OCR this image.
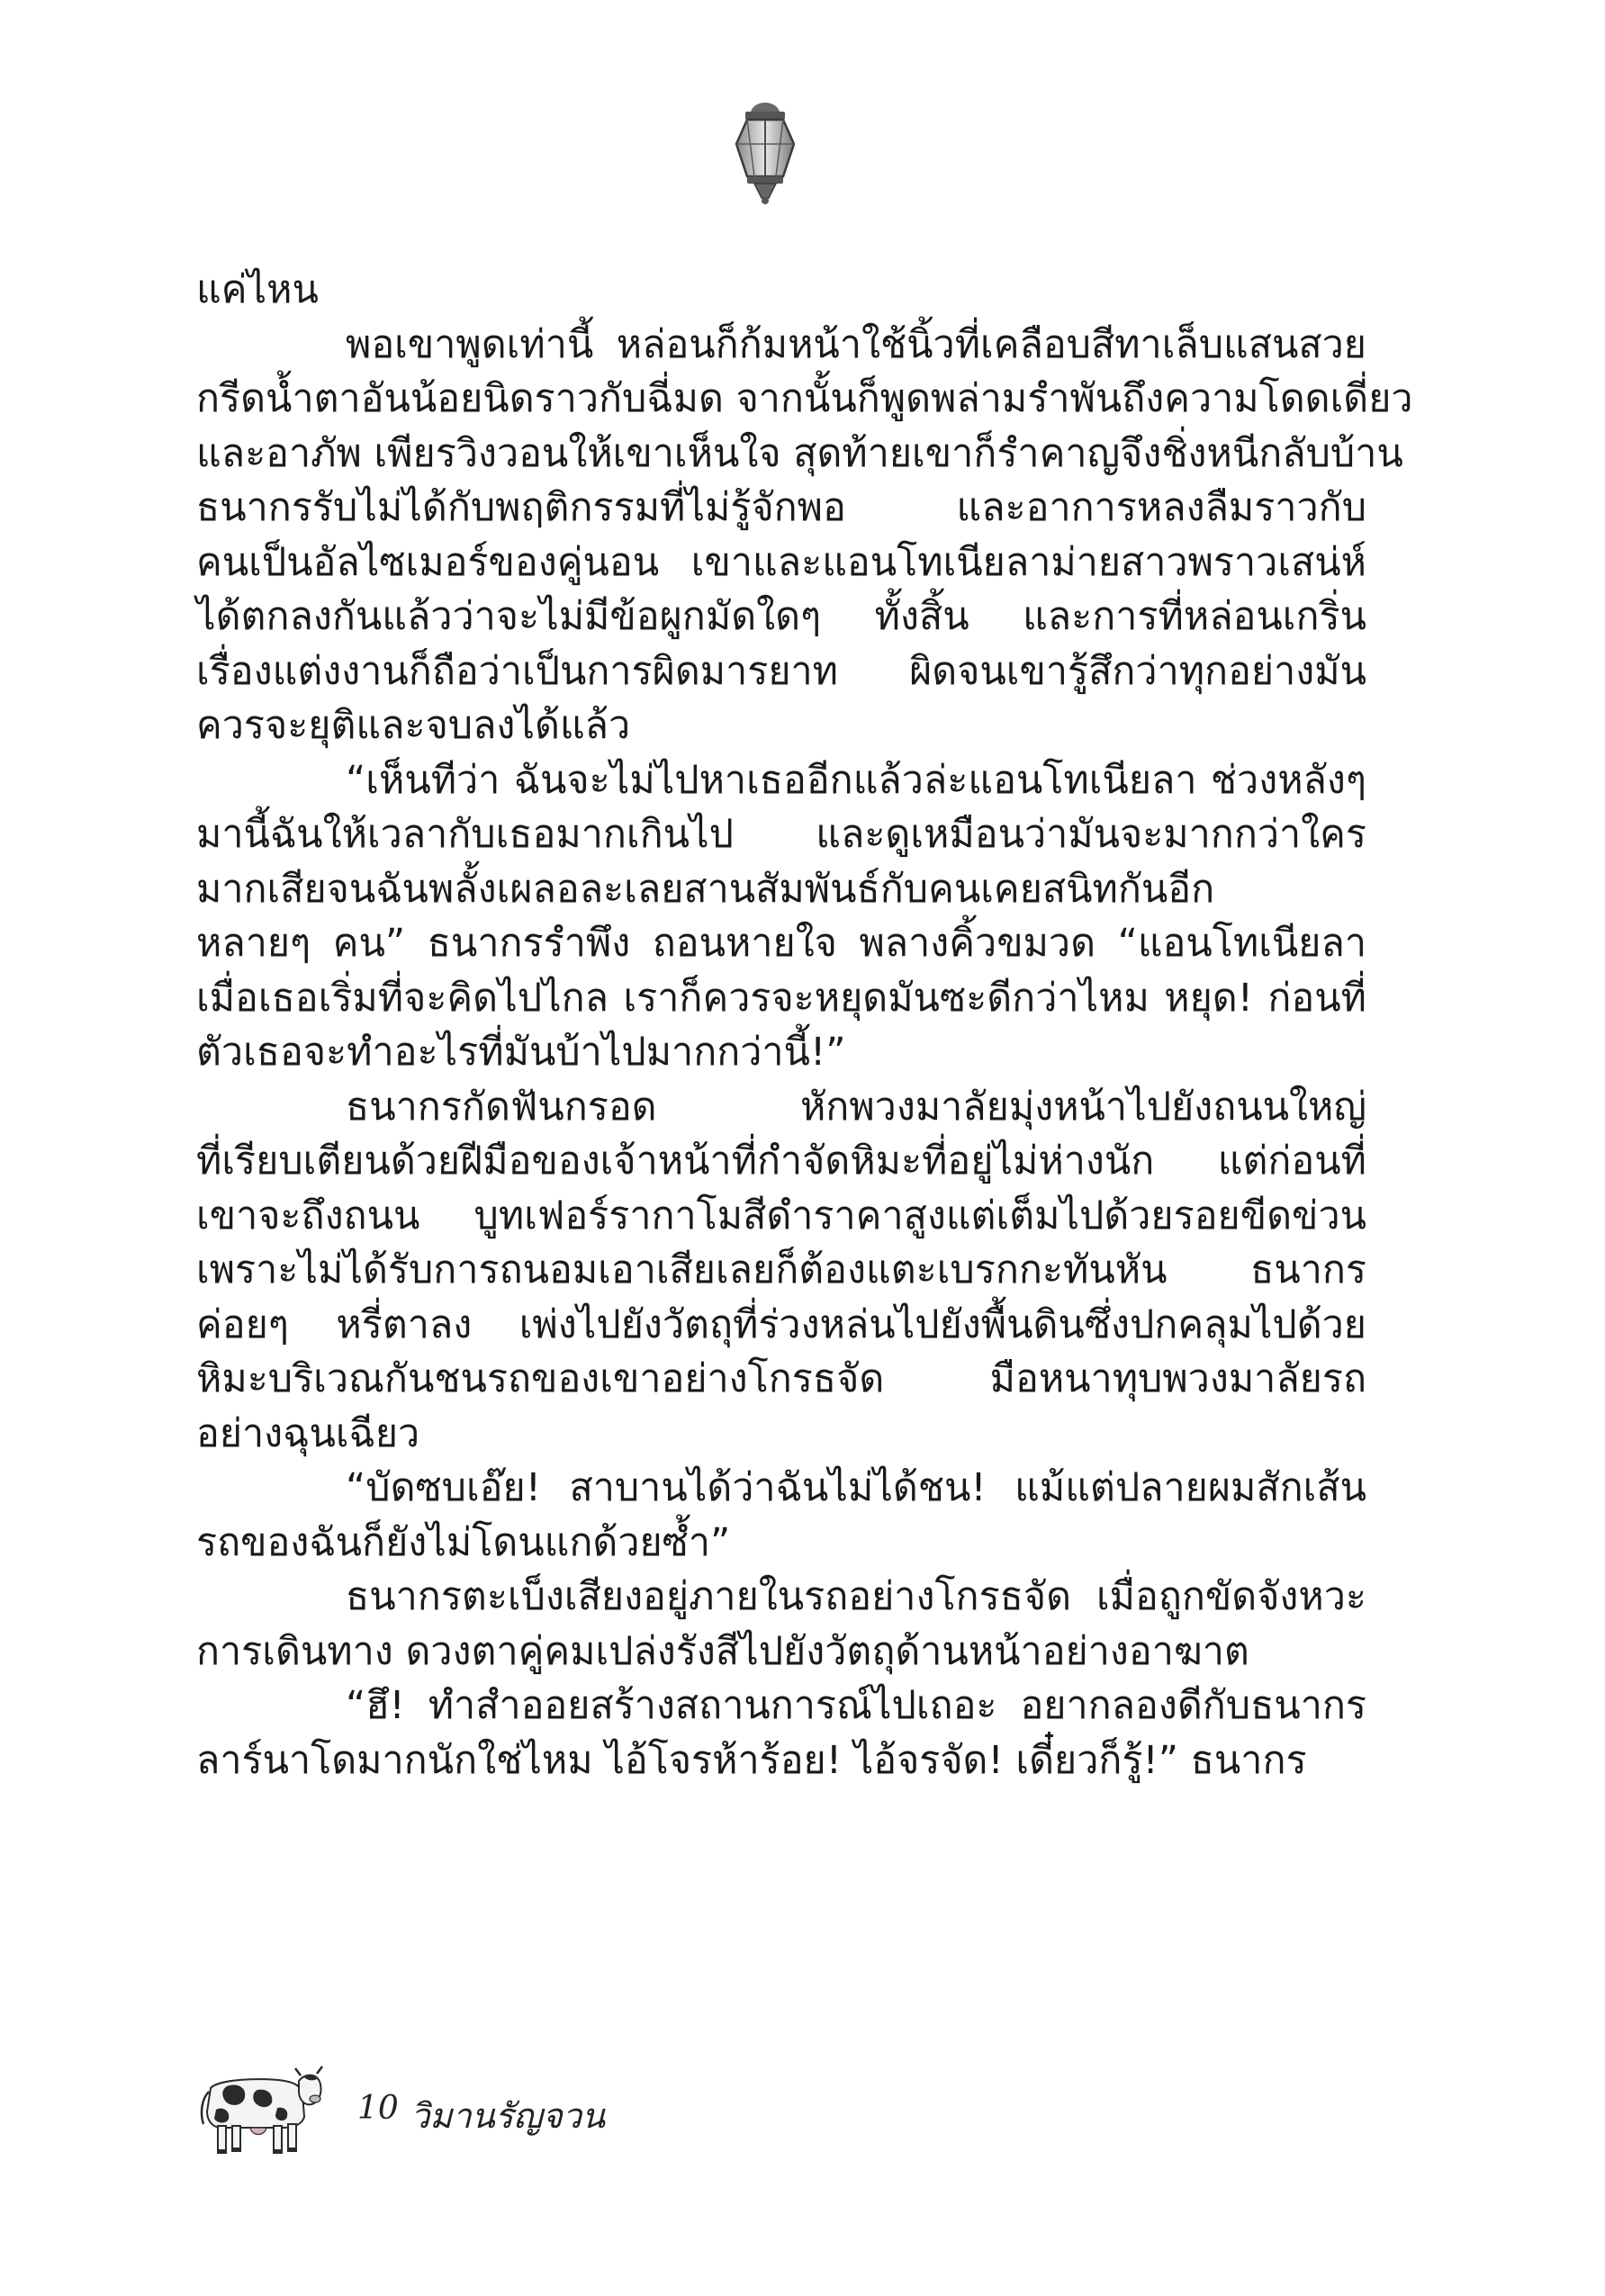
แค่ไหน
พอเขาพูดเท่านี้ หล่อนก็ก้มหน้าใช้นิ้วที่เคลือบสีทาเล็บแสนสวย
กรีดน้ำตาอันน้อยนิดราวกับฉี่มด จากนั้นก็พูดพล่ามรำพันถึงความโดดเดี่ยว
และอาภัพ เพียรวิงวอนให้เขาเห็นใจ สุดท้ายเขาก็รำคาญจึงชิ่งหนีกลับบ้าน
ธนากรรับไม่ได้กับพฤติกรรมที่ไม่รู้จักพอ และอาการหลงลืมราวกับ
คนเป็นอัลไซเมอร์ของคู่นอน เขาและแอนโทเนียลาม่ายสาวพราวเสน่ห์
ได้ตกลงกันแล้วว่าจะไม่มีข้อผูกมัดใดๆ ทั้งสิ้น และการที่หล่อนเกริ่น
เรื่องแต่งงานก็ถือว่าเป็นการผิดมารยาท ผิดจนเขารู้สึกว่าทุกอย่างมัน
ควรจะยุติและจบลงได้แล้ว
“เห็นทีว่า ฉันจะไม่ไปหาเธออีกแล้วล่ะแอนโทเนียลา ช่วงหลังๆ
มานี้ฉันให้เวลากับเธอมากเกินไป และดูเหมือนว่ามันจะมากกว่าใคร
มากเสียจนฉันพลั้งเผลอละเลยสานสัมพันธ์กับคนเคยสนิทกันอีก
หลายๆ คน” ธนากรรำพึง ถอนหายใจ พลางคิ้วขมวด “แอนโทเนียลา
เมื่อเธอเริ่มที่จะคิดไปไกล เราก็ควรจะหยุดมันซะดีกว่าไหม หยุด! ก่อนที่
ตัวเธอจะทำอะไรที่มันบ้าไปมากกว่านี้!”
ธนากรกัดฟันกรอด หักพวงมาลัยมุ่งหน้าไปยังถนนใหญ่
ที่เรียบเตียนด้วยฝีมือของเจ้าหน้าที่กำจัดหิมะที่อยู่ไม่ห่างนัก แต่ก่อนที่
เขาจะถึงถนน บูทเฟอร์รากาโมสีดำราคาสูงแต่เต็มไปด้วยรอยขีดข่วน
เพราะไม่ได้รับการถนอมเอาเสียเลยก็ต้องแตะเบรกกะทันหัน ธนากร
ค่อยๆ หรี่ตาลง เพ่งไปยังวัตถุที่ร่วงหล่นไปยังพื้นดินซึ่งปกคลุมไปด้วย
หิมะบริเวณกันชนรถของเขาอย่างโกรธจัด มือหนาทุบพวงมาลัยรถ
อย่างฉุนเฉียว
“บัดซบเอ๊ย! สาบานได้ว่าฉันไม่ได้ชน! แม้แต่ปลายผมสักเส้น
รถของฉันก็ยังไม่โดนแกด้วยซ้ำ”
ธนากรตะเบ็งเสียงอยู่ภายในรถอย่างโกรธจัด เมื่อถูกขัดจังหวะ
การเดินทาง ดวงตาคู่คมเปล่งรังสีไปยังวัตถุด้านหน้าอย่างอาฆาต
“ฮึ! ทำสำออยสร้างสถานการณ์ไปเถอะ อยากลองดีกับธนากร
ลาร์นาโดมากนักใช่ไหม ไอ้โจรห้าร้อย! ไอ้จรจัด! เดี๋ยวก็รู้!” ธนากร
10 วิมานรัญจวน
